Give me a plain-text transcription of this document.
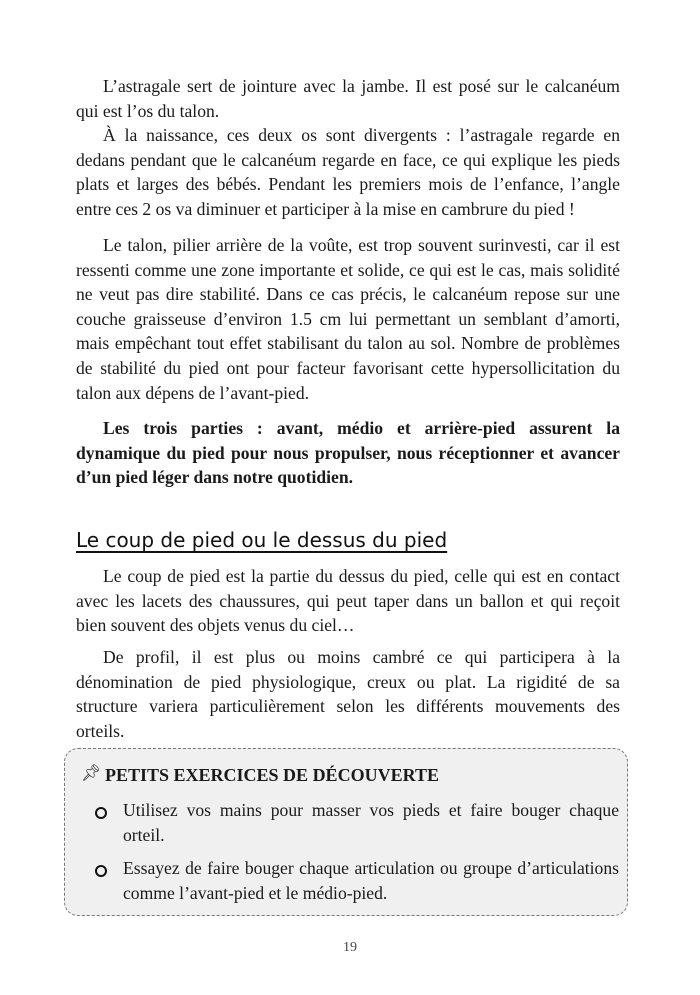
L’astragale sert de jointure avec la jambe. Il est posé sur le calcanéum qui est l’os du talon.

À la naissance, ces deux os sont divergents : l’astragale regarde en dedans pendant que le calcanéum regarde en face, ce qui explique les pieds plats et larges des bébés. Pendant les premiers mois de l’enfance, l’angle entre ces 2 os va diminuer et participer à la mise en cambrure du pied !

Le talon, pilier arrière de la voûte, est trop souvent surinvesti, car il est ressenti comme une zone importante et solide, ce qui est le cas, mais solidité ne veut pas dire stabilité. Dans ce cas précis, le calcanéum repose sur une couche graisseuse d’environ 1.5 cm lui permettant un semblant d’amorti, mais empêchant tout effet stabilisant du talon au sol. Nombre de problèmes de stabilité du pied ont pour facteur favorisant cette hypersollicitation du talon aux dépens de l’avant-pied.

Les trois parties : avant, médio et arrière-pied assurent la dynamique du pied pour nous propulser, nous réceptionner et avancer d’un pied léger dans notre quotidien.

Le coup de pied ou le dessus du pied

Le coup de pied est la partie du dessus du pied, celle qui est en contact avec les lacets des chaussures, qui peut taper dans un ballon et qui reçoit bien souvent des objets venus du ciel…

De profil, il est plus ou moins cambré ce qui participera à la dénomination de pied physiologique, creux ou plat. La rigidité de sa structure variera particulièrement selon les différents mouvements des orteils.

📌︎ PETITS EXERCICES DE DÉCOUVERTE
Utilisez vos mains pour masser vos pieds et faire bouger chaque orteil.
Essayez de faire bouger chaque articulation ou groupe d’articulations comme l’avant-pied et le médio-pied.
19
